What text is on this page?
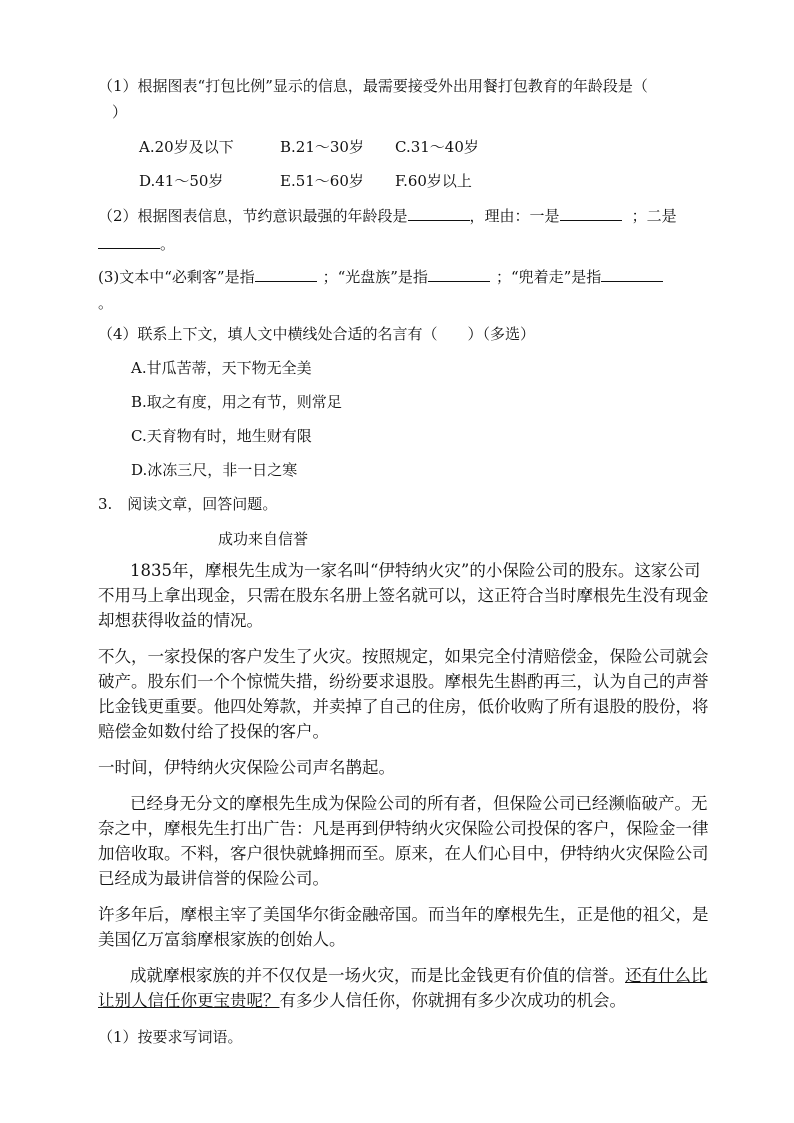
（1）根据图表“打包比例”显示的信息，最需要接受外出用餐打包教育的年龄段是（
）
A.20岁及以下	B.21～30岁 C.31～40岁
D.41～50岁	E.51～60岁 F.60岁以上
（2）根据图表信息，节约意识最强的年龄段是	，理由：一是	；二是
。
(3)文本中“必剩客”是指	；“光盘族”是指	；“兜着走”是指
。
（4）联系上下文，填人文中横线处合适的名言有（　　）（多选）
A.甘瓜苦蒂，天下物无全美
B.取之有度，用之有节，则常足
C.天育物有时，地生财有限
D.冰冻三尺，非一日之寒
3.　阅读文章，回答问题。
成功来自信誉
1835年，摩根先生成为一家名叫“伊特纳火灾”的小保险公司的股东。这家公司
不用马上拿出现金，只需在股东名册上签名就可以，这正符合当时摩根先生没有现金
却想获得收益的情况。
不久，一家投保的客户发生了火灾。按照规定，如果完全付清赔偿金，保险公司就会
破产。股东们一个个惊慌失措，纷纷要求退股。摩根先生斟酌再三，认为自己的声誉
比金钱更重要。他四处筹款，并卖掉了自己的住房，低价收购了所有退股的股份，将
赔偿金如数付给了投保的客户。
一时间，伊特纳火灾保险公司声名鹊起。
已经身无分文的摩根先生成为保险公司的所有者，但保险公司已经濒临破产。无
奈之中，摩根先生打出广告：凡是再到伊特纳火灾保险公司投保的客户，保险金一律
加倍收取。不料，客户很快就蜂拥而至。原来，在人们心目中，伊特纳火灾保险公司
已经成为最讲信誉的保险公司。
许多年后，摩根主宰了美国华尔街金融帝国。而当年的摩根先生，正是他的祖父，是
美国亿万富翁摩根家族的创始人。
成就摩根家族的并不仅仅是一场火灾，而是比金钱更有价值的信誉。还有什么比
让别人信任你更宝贵呢？有多少人信任你，你就拥有多少次成功的机会。
（1）按要求写词语。
